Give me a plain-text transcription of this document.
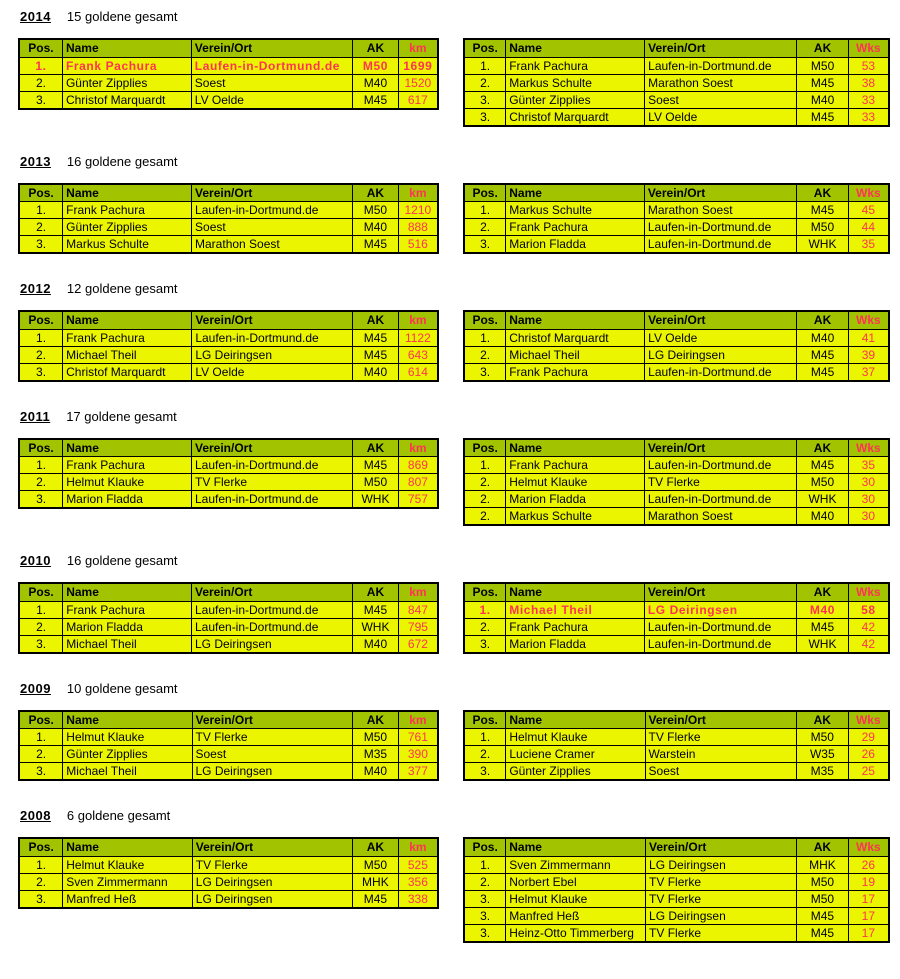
2014 15 goldene gesamt
Pos.	Name	Verein/Ort	AK	km
1.	Frank Pachura	Laufen-in-Dortmund.de	M50	1699
2.	Günter Zipplies	Soest	M40	1520
3.	Christof Marquardt	LV Oelde	M45	617
Pos.	Name	Verein/Ort	AK	Wks
1.	Frank Pachura	Laufen-in-Dortmund.de	M50	53
2.	Markus Schulte	Marathon Soest	M45	38
3.	Günter Zipplies	Soest	M40	33
3.	Christof Marquardt	LV Oelde	M45	33
2013 16 goldene gesamt
Pos.	Name	Verein/Ort	AK	km
1.	Frank Pachura	Laufen-in-Dortmund.de	M50	1210
2.	Günter Zipplies	Soest	M40	888
3.	Markus Schulte	Marathon Soest	M45	516
Pos.	Name	Verein/Ort	AK	Wks
1.	Markus Schulte	Marathon Soest	M45	45
2.	Frank Pachura	Laufen-in-Dortmund.de	M50	44
3.	Marion Fladda	Laufen-in-Dortmund.de	WHK	35
2012 12 goldene gesamt
Pos.	Name	Verein/Ort	AK	km
1.	Frank Pachura	Laufen-in-Dortmund.de	M45	1122
2.	Michael Theil	LG Deiringsen	M45	643
3.	Christof Marquardt	LV Oelde	M40	614
Pos.	Name	Verein/Ort	AK	Wks
1.	Christof Marquardt	LV Oelde	M40	41
2.	Michael Theil	LG Deiringsen	M45	39
3.	Frank Pachura	Laufen-in-Dortmund.de	M45	37
2011 17 goldene gesamt
Pos.	Name	Verein/Ort	AK	km
1.	Frank Pachura	Laufen-in-Dortmund.de	M45	869
2.	Helmut Klauke	TV Flerke	M50	807
3.	Marion Fladda	Laufen-in-Dortmund.de	WHK	757
Pos.	Name	Verein/Ort	AK	Wks
1.	Frank Pachura	Laufen-in-Dortmund.de	M45	35
2.	Helmut Klauke	TV Flerke	M50	30
2.	Marion Fladda	Laufen-in-Dortmund.de	WHK	30
2.	Markus Schulte	Marathon Soest	M40	30
2010 16 goldene gesamt
Pos.	Name	Verein/Ort	AK	km
1.	Frank Pachura	Laufen-in-Dortmund.de	M45	847
2.	Marion Fladda	Laufen-in-Dortmund.de	WHK	795
3.	Michael Theil	LG Deiringsen	M40	672
Pos.	Name	Verein/Ort	AK	Wks
1.	Michael Theil	LG Deiringsen	M40	58
2.	Frank Pachura	Laufen-in-Dortmund.de	M45	42
3.	Marion Fladda	Laufen-in-Dortmund.de	WHK	42
2009 10 goldene gesamt
Pos.	Name	Verein/Ort	AK	km
1.	Helmut Klauke	TV Flerke	M50	761
2.	Günter Zipplies	Soest	M35	390
3.	Michael Theil	LG Deiringsen	M40	377
Pos.	Name	Verein/Ort	AK	Wks
1.	Helmut Klauke	TV Flerke	M50	29
2.	Luciene Cramer	Warstein	W35	26
3.	Günter Zipplies	Soest	M35	25
2008 6 goldene gesamt
Pos.	Name	Verein/Ort	AK	km
1.	Helmut Klauke	TV Flerke	M50	525
2.	Sven Zimmermann	LG Deiringsen	MHK	356
3.	Manfred Heß	LG Deiringsen	M45	338
Pos.	Name	Verein/Ort	AK	Wks
1.	Sven Zimmermann	LG Deiringsen	MHK	26
2.	Norbert Ebel	TV Flerke	M50	19
3.	Helmut Klauke	TV Flerke	M50	17
3.	Manfred Heß	LG Deiringsen	M45	17
3.	Heinz-Otto Timmerberg	TV Flerke	M45	17
